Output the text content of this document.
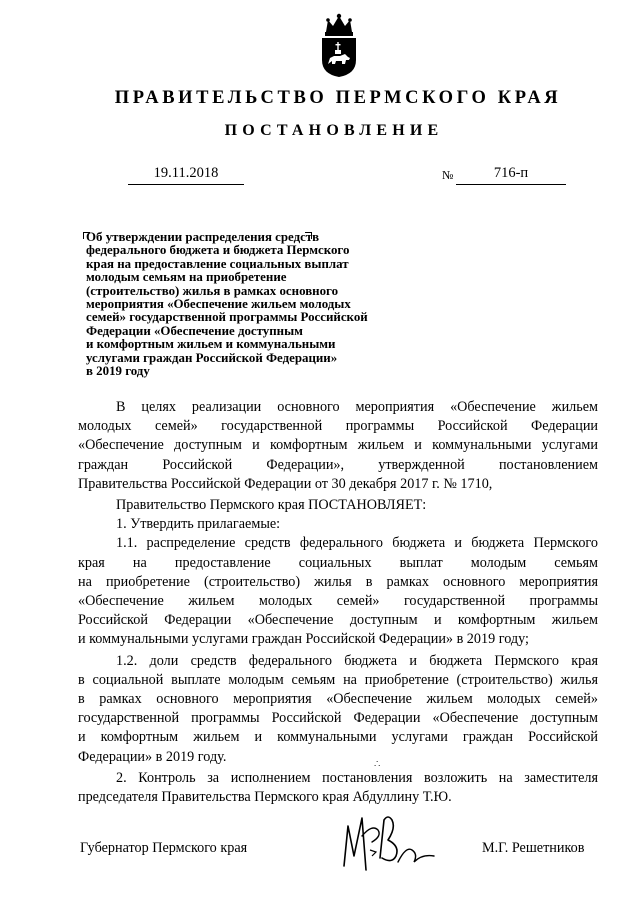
ПРАВИТЕЛЬСТВО ПЕРМСКОГО КРАЯ
ПОСТАНОВЛЕНИЕ
19.11.2018	№	716-п
Об утверждении распределения средств
федерального бюджета и бюджета Пермского
края на предоставление социальных выплат
молодым семьям на приобретение
(строительство) жилья в рамках основного
мероприятия «Обеспечение жильем молодых
семей» государственной программы Российской
Федерации «Обеспечение доступным
и комфортным жильем и коммунальными
услугами граждан Российской Федерации»
в 2019 году
В целях реализации основного мероприятия «Обеспечение жильем
молодых семей» государственной программы Российской Федерации
«Обеспечение доступным и комфортным жильем и коммунальными услугами
граждан Российской Федерации», утвержденной постановлением
Правительства Российской Федерации от 30 декабря 2017 г. № 1710,
Правительство Пермского края ПОСТАНОВЛЯЕТ:
1. Утвердить прилагаемые:
1.1. распределение средств федерального бюджета и бюджета Пермского
края на предоставление социальных выплат молодым семьям
на приобретение (строительство) жилья в рамках основного мероприятия
«Обеспечение жильем молодых семей» государственной программы
Российской Федерации «Обеспечение доступным и комфортным жильем
и коммунальными услугами граждан Российской Федерации» в 2019 году;
1.2. доли средств федерального бюджета и бюджета Пермского края
в социальной выплате молодым семьям на приобретение (строительство) жилья
в рамках основного мероприятия «Обеспечение жильем молодых семей»
государственной программы Российской Федерации «Обеспечение доступным
и комфортным жильем и коммунальными услугами граждан Российской
Федерации» в 2019 году.
2. Контроль за исполнением постановления возложить на заместителя
председателя Правительства Пермского края Абдуллину Т.Ю.
∴
Губернатор Пермского края	М.Г. Решетников
